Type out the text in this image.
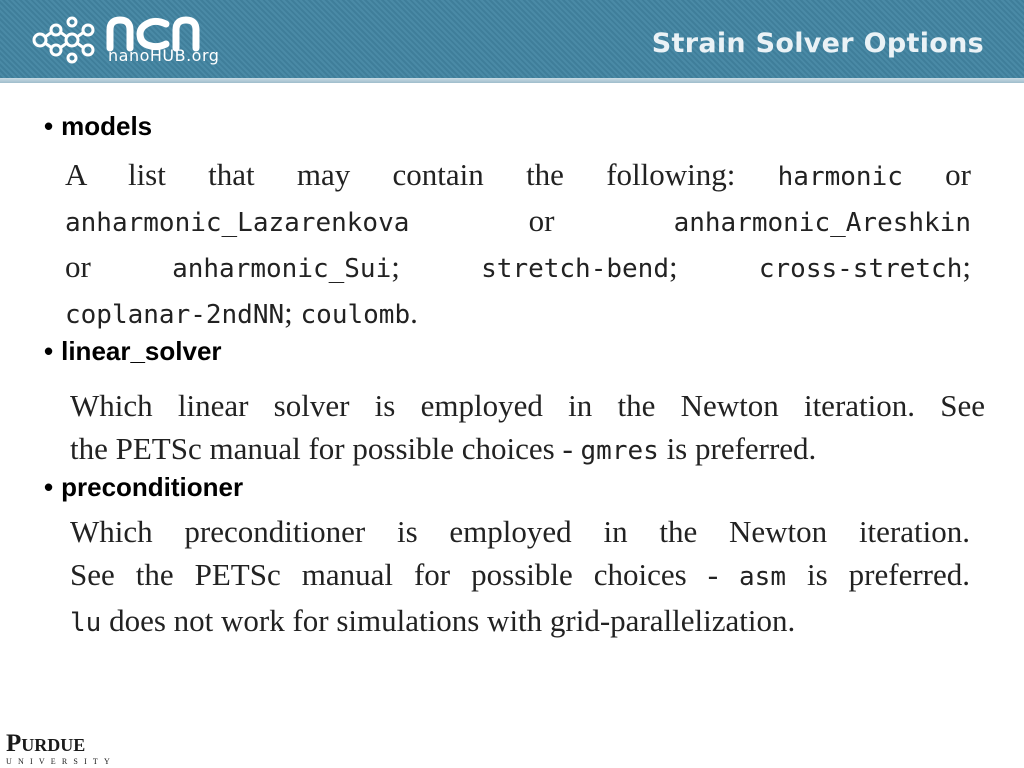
nanoHUB.org	Strain Solver Options
• models
A list that may contain the following: harmonic or
anharmonic_Lazarenkova or anharmonic_Areshkin
or anharmonic_Sui; stretch-bend; cross-stretch;
coplanar-2ndNN; coulomb.
• linear_solver
Which linear solver is employed in the Newton iteration. See
the PETSc manual for possible choices - gmres is preferred.
• preconditioner
Which preconditioner is employed in the Newton iteration.
See the PETSc manual for possible choices - asm is preferred.
lu does not work for simulations with grid-parallelization.
Purdue
UNIVERSITY
